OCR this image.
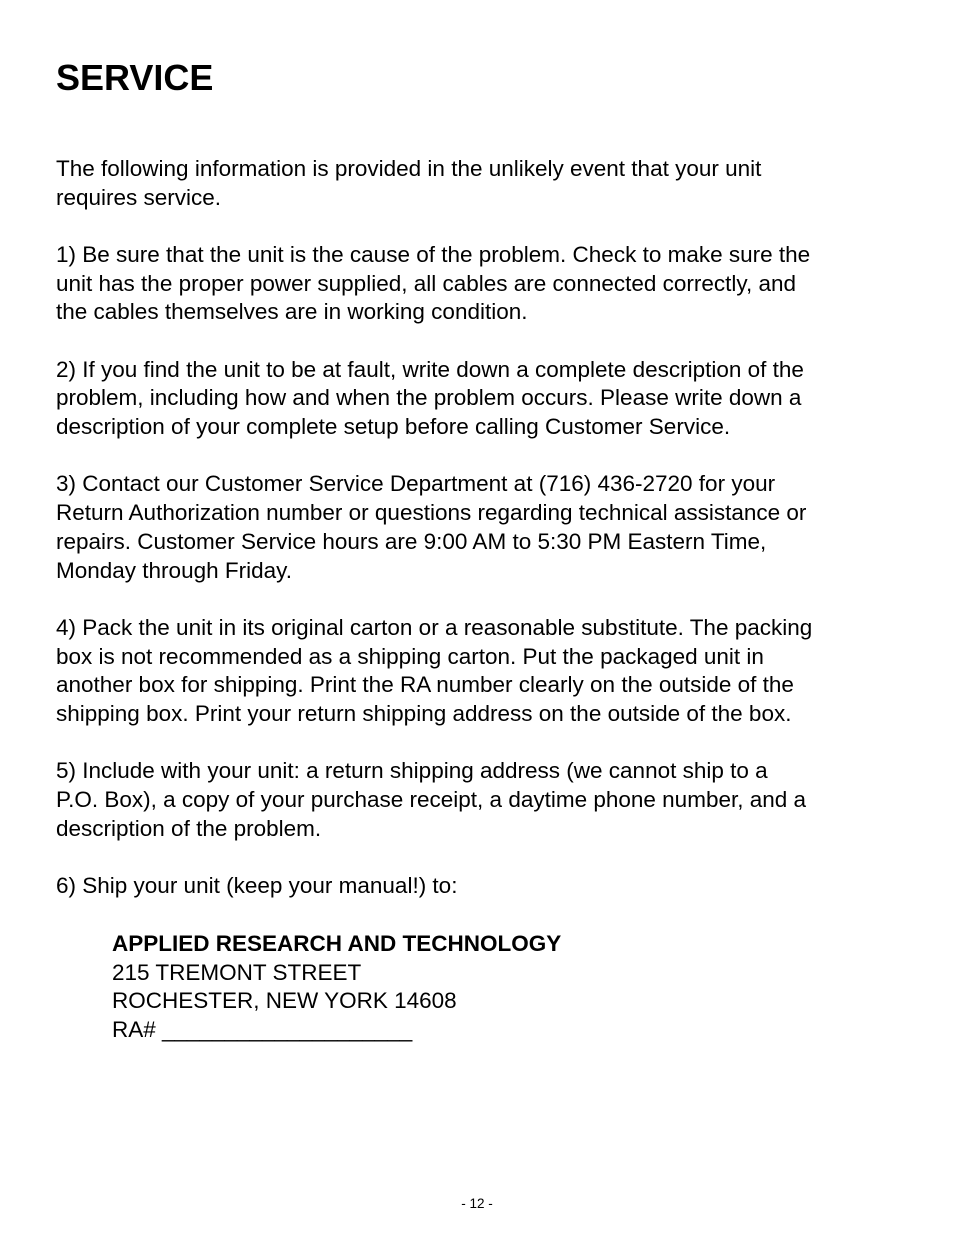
SERVICE

The following information is provided in the unlikely event that your unit
requires service.

1) Be sure that the unit is the cause of the problem. Check to make sure the
unit has the proper power supplied, all cables are connected correctly, and
the cables themselves are in working condition.

2) If you find the unit to be at fault, write down a complete description of the
problem, including how and when the problem occurs. Please write down a
description of your complete setup before calling Customer Service.

3) Contact our Customer Service Department at (716) 436-2720 for your
Return Authorization number or questions regarding technical assistance or
repairs. Customer Service hours are 9:00 AM to 5:30 PM Eastern Time,
Monday through Friday.

4) Pack the unit in its original carton or a reasonable substitute. The packing
box is not recommended as a shipping carton. Put the packaged unit in
another box for shipping. Print the RA number clearly on the outside of the
shipping box. Print your return shipping address on the outside of the box.

5) Include with your unit: a return shipping address (we cannot ship to a
P.O. Box), a copy of your purchase receipt, a daytime phone number, and a
description of the problem.

6) Ship your unit (keep your manual!) to:

APPLIED RESEARCH AND TECHNOLOGY
215 TREMONT STREET
ROCHESTER, NEW YORK 14608
RA# ____________________
- 12 -
